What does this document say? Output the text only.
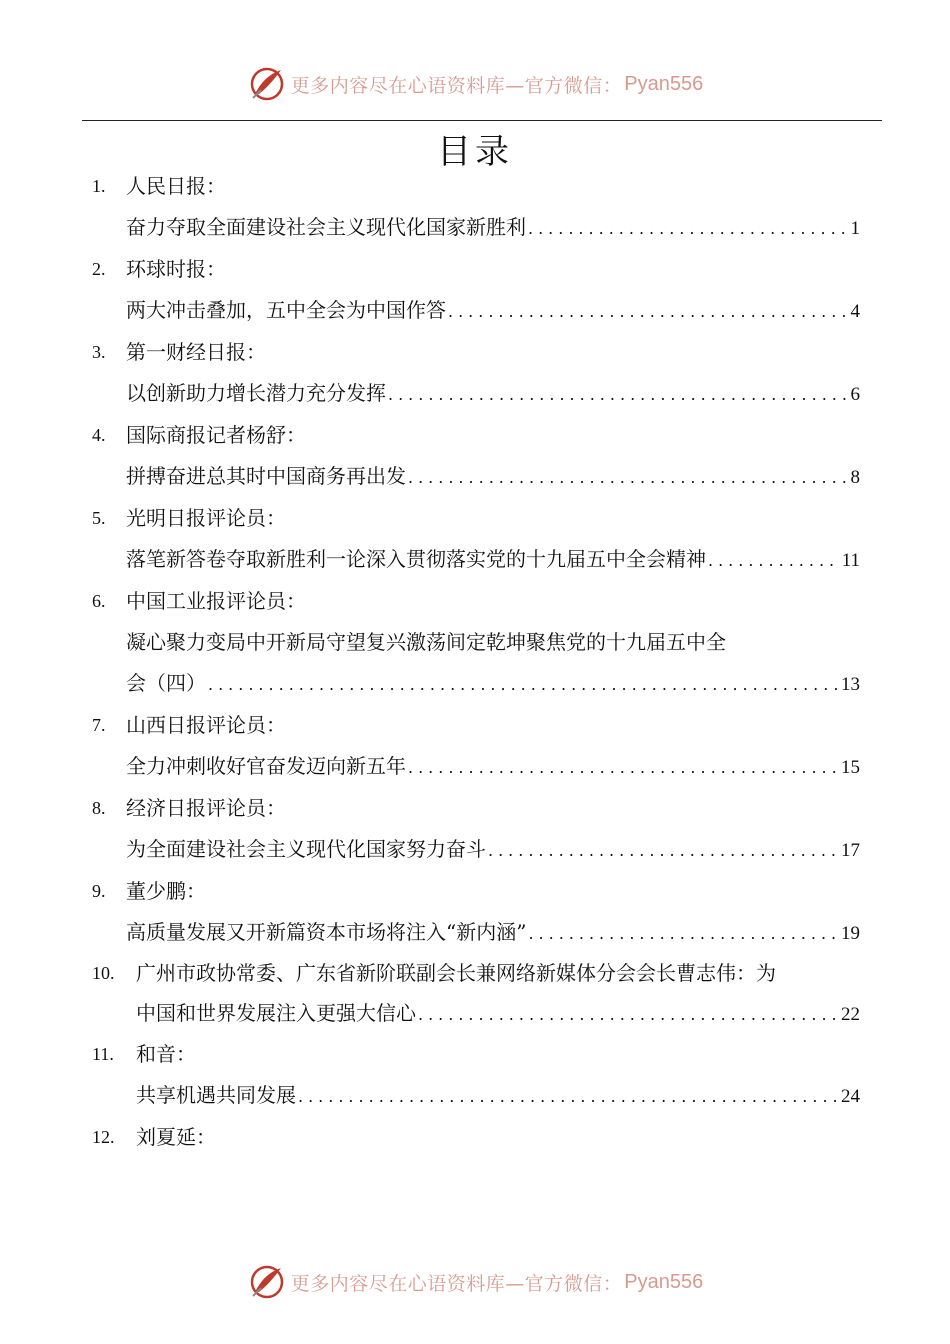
更多内容尽在心语资料库—官方微信： Pyan556
目录
1. 人民日报：
奋力夺取全面建设社会主义现代化国家新胜利 .....	1
2. 环球时报：
两大冲击叠加，五中全会为中国作答 .....	4
3. 第一财经日报：
以创新助力增长潜力充分发挥 .....	6
4. 国际商报记者杨舒：
拼搏奋进总其时中国商务再出发 .....	8
5. 光明日报评论员：
落笔新答卷夺取新胜利一论深入贯彻落实党的十九届五中全会精神 .....	11
6. 中国工业报评论员：
凝心聚力变局中开新局守望复兴激荡间定乾坤聚焦党的十九届五中全
会（四） .....	13
7. 山西日报评论员：
全力冲刺收好官奋发迈向新五年 .....	15
8. 经济日报评论员：
为全面建设社会主义现代化国家努力奋斗 .....	17
9. 董少鹏：
高质量发展又开新篇资本市场将注入“新内涵” .....	19
10. 广州市政协常委、广东省新阶联副会长兼网络新媒体分会会长曹志伟：为
中国和世界发展注入更强大信心 .....	22
11. 和音：
共享机遇共同发展 .....	24
12. 刘夏延：
更多内容尽在心语资料库—官方微信： Pyan556
